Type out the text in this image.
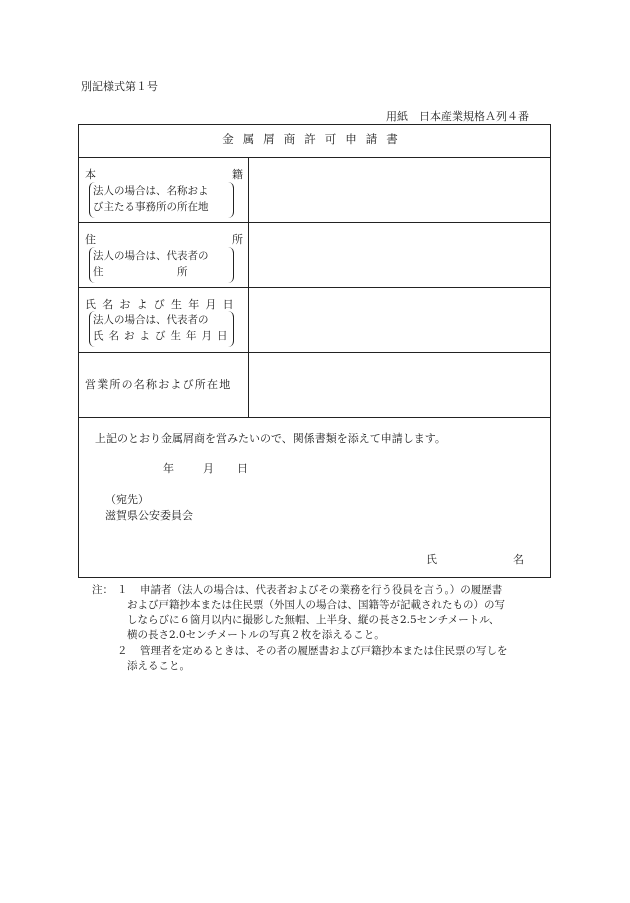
別記様式第１号
用紙　日本産業規格Ａ列４番
金属屑商許可申請書
本	籍
法人の場合は、名称およ
び主たる事務所の所在地
住	所
法人の場合は、代表者の
住　　　　　　　所
氏名および生年月日
法人の場合は、代表者の
氏名および生年月日
営業所の名称および所在地
上記のとおり金属屑商を営みたいので、関係書類を添えて申請します。
年	月 日
（宛先）
滋賀県公安委員会
氏	名
注： １ 申請者（法人の場合は、代表者およびその業務を行う役員を言う。）の履歴書
および戸籍抄本または住民票（外国人の場合は、国籍等が記載されたもの）の写
しならびに６箇月以内に撮影した無帽、上半身、縦の長さ2.5センチメートル、
横の長さ2.0センチメートルの写真２枚を添えること。
２ 管理者を定めるときは、その者の履歴書および戸籍抄本または住民票の写しを
添えること。
